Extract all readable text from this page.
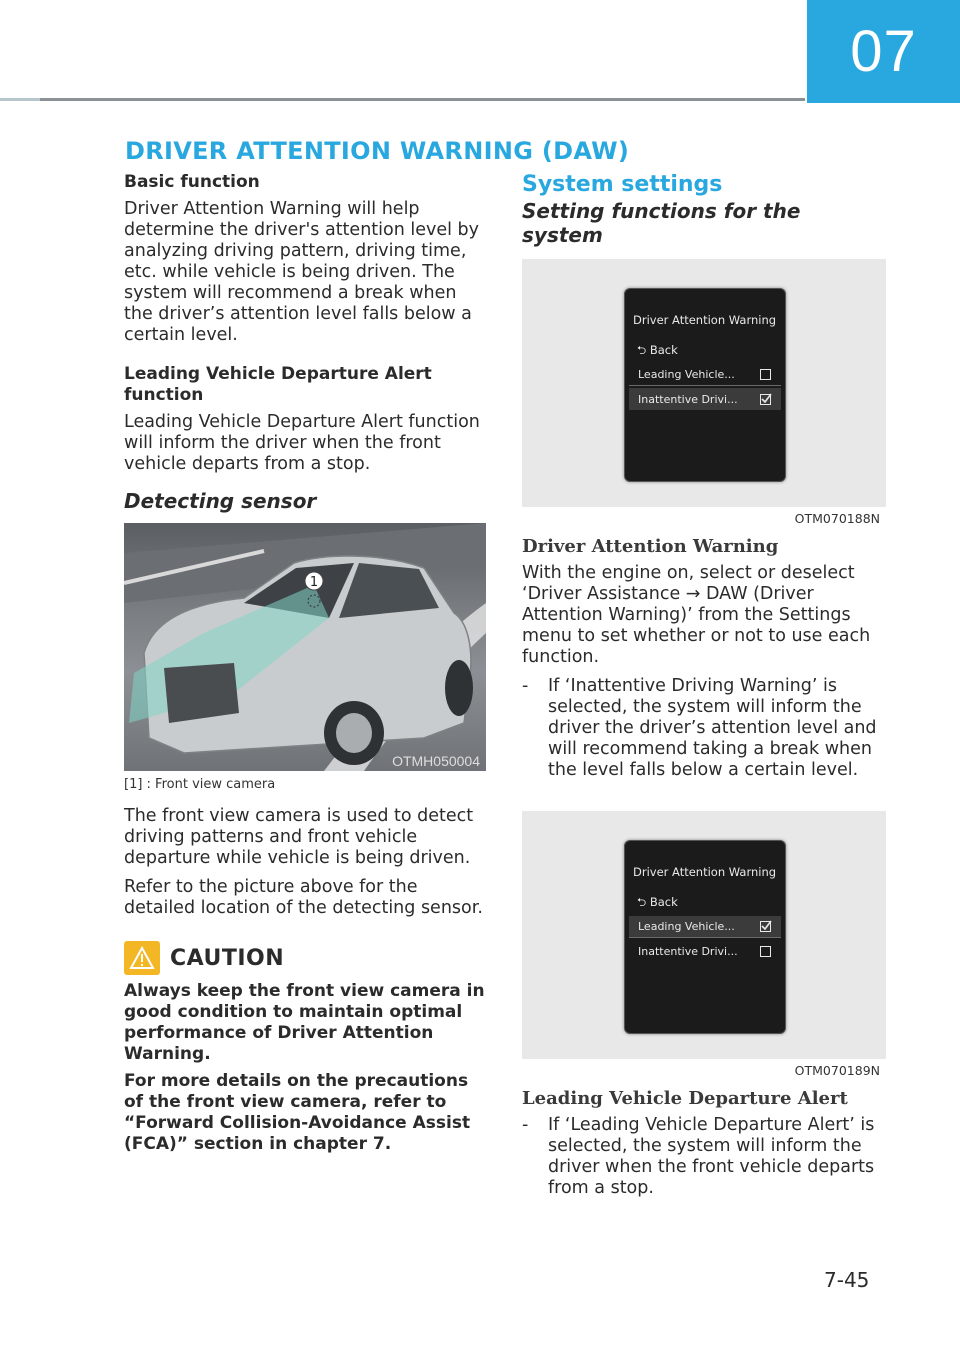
07
DRIVER ATTENTION WARNING (DAW)
Basic function

Driver Attention Warning will help determine the driver's attention level by analyzing driving pattern, driving time, etc. while vehicle is being driven. The system will recommend a break when the driver’s attention level falls below a certain level.

Leading Vehicle Departure Alert function

Leading Vehicle Departure Alert function will inform the driver when the front vehicle departs from a stop.

Detecting sensor
1
OTMH050004
[1] : Front view camera

The front view camera is used to detect driving patterns and front vehicle departure while vehicle is being driven.

Refer to the picture above for the detailed location of the detecting sensor.

CAUTION

Always keep the front view camera in good condition to maintain optimal performance of Driver Attention Warning.

For more details on the precautions of the front view camera, refer to “Forward Collision-Avoidance Assist (FCA)” section in chapter 7.

System settings
Setting functions for the system
Driver Attention Warning
⮌ Back
Leading Vehicle...
Inattentive Drivi...
OTM070188N
Driver Attention Warning

With the engine on, select or deselect ‘Driver Assistance → DAW (Driver Attention Warning)’ from the Settings menu to set whether or not to use each function.

-	If ‘Inattentive Driving Warning’ is selected, the system will inform the driver the driver’s attention level and will recommend taking a break when the level falls below a certain level.
Driver Attention Warning
⮌ Back
Leading Vehicle...
Inattentive Drivi...
OTM070189N
Leading Vehicle Departure Alert
-	If ‘Leading Vehicle Departure Alert’ is selected, the system will inform the driver when the front vehicle departs from a stop.
7-45
